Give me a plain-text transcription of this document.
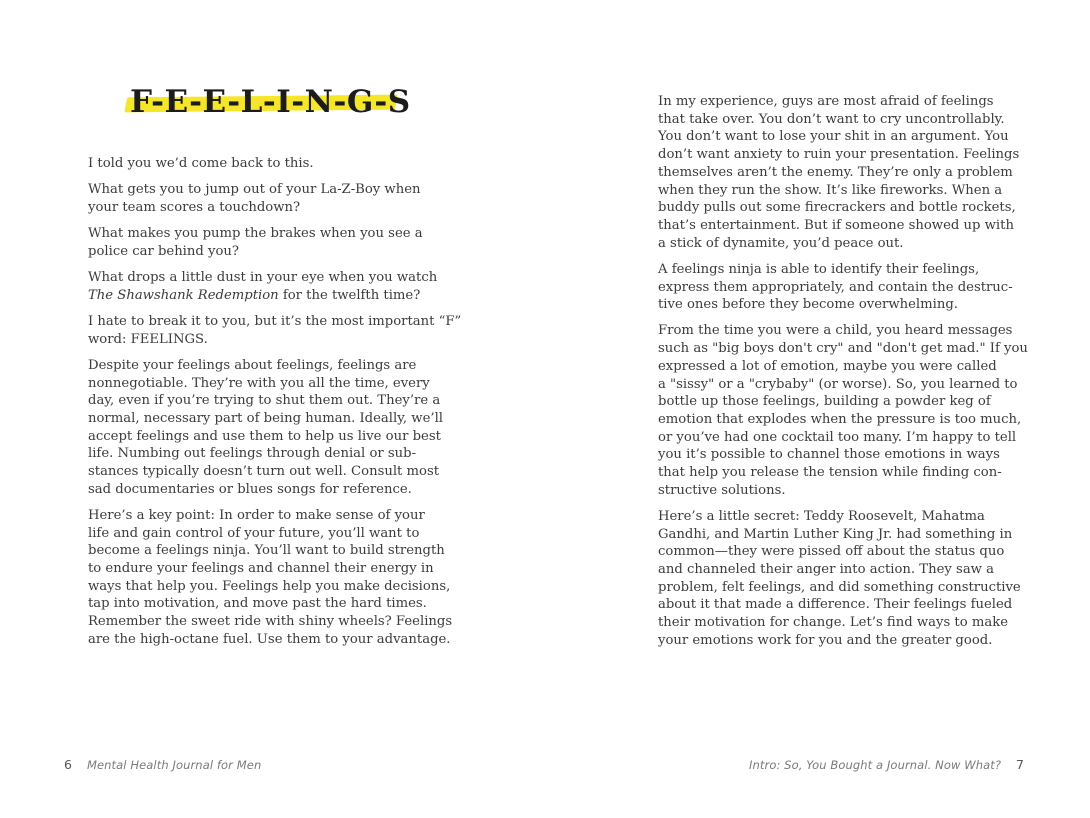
F-E-E-L-I-N-G-S

I told you we’d come back to this.

What gets you to jump out of your La-Z-Boy when
your team scores a touchdown?

What makes you pump the brakes when you see a
police car behind you?

What drops a little dust in your eye when you watch
The Shawshank Redemption for the twelfth time?

I hate to break it to you, but it’s the most important “F”
word: FEELINGS.

Despite your feelings about feelings, feelings are
nonnegotiable. They’re with you all the time, every
day, even if you’re trying to shut them out. They’re a
normal, necessary part of being human. Ideally, we’ll
accept feelings and use them to help us live our best
life. Numbing out feelings through denial or sub-
stances typically doesn’t turn out well. Consult most
sad documentaries or blues songs for reference.

Here’s a key point: In order to make sense of your
life and gain control of your future, you’ll want to
become a feelings ninja. You’ll want to build strength
to endure your feelings and channel their energy in
ways that help you. Feelings help you make decisions,
tap into motivation, and move past the hard times.
Remember the sweet ride with shiny wheels? Feelings
are the high-octane fuel. Use them to your advantage.

6 Mental Health Journal for Men

In my experience, guys are most afraid of feelings
that take over. You don’t want to cry uncontrollably.
You don’t want to lose your shit in an argument. You
don’t want anxiety to ruin your presentation. Feelings
themselves aren’t the enemy. They’re only a problem
when they run the show. It’s like fireworks. When a
buddy pulls out some firecrackers and bottle rockets,
that’s entertainment. But if someone showed up with
a stick of dynamite, you’d peace out.

A feelings ninja is able to identify their feelings,
express them appropriately, and contain the destruc-
tive ones before they become overwhelming.

From the time you were a child, you heard messages
such as "big boys don't cry" and "don't get mad." If you
expressed a lot of emotion, maybe you were called
a "sissy" or a "crybaby" (or worse). So, you learned to
bottle up those feelings, building a powder keg of
emotion that explodes when the pressure is too much,
or you’ve had one cocktail too many. I’m happy to tell
you it’s possible to channel those emotions in ways
that help you release the tension while finding con-
structive solutions.

Here’s a little secret: Teddy Roosevelt, Mahatma
Gandhi, and Martin Luther King Jr. had something in
common—they were pissed off about the status quo
and channeled their anger into action. They saw a
problem, felt feelings, and did something constructive
about it that made a difference. Their feelings fueled
their motivation for change. Let’s find ways to make
your emotions work for you and the greater good.

Intro: So, You Bought a Journal. Now What? 7
